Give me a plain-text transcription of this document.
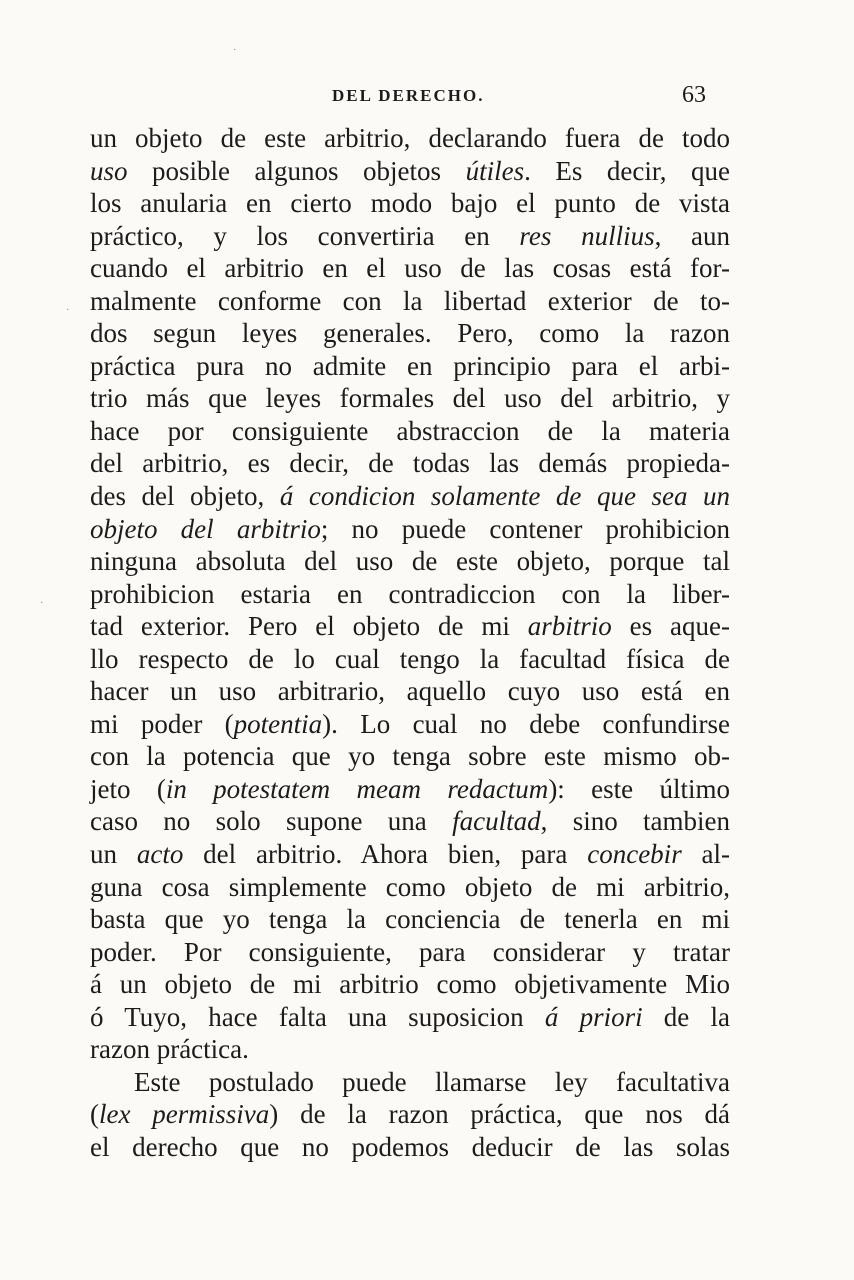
DEL DERECHO.	63
un objeto de este arbitrio, declarando fuera de todo
uso posible algunos objetos útiles. Es decir, que
los anularia en cierto modo bajo el punto de vista
práctico, y los convertiria en res nullius, aun
cuando el arbitrio en el uso de las cosas está for-
malmente conforme con la libertad exterior de to-
dos segun leyes generales. Pero, como la razon
práctica pura no admite en principio para el arbi-
trio más que leyes formales del uso del arbitrio, y
hace por consiguiente abstraccion de la materia
del arbitrio, es decir, de todas las demás propieda-
des del objeto, á condicion solamente de que sea un
objeto del arbitrio; no puede contener prohibicion
ninguna absoluta del uso de este objeto, porque tal
prohibicion estaria en contradiccion con la liber-
tad exterior. Pero el objeto de mi arbitrio es aque-
llo respecto de lo cual tengo la facultad física de
hacer un uso arbitrario, aquello cuyo uso está en
mi poder (potentia). Lo cual no debe confundirse
con la potencia que yo tenga sobre este mismo ob-
jeto (in potestatem meam redactum): este último
caso no solo supone una facultad, sino tambien
un acto del arbitrio. Ahora bien, para concebir al-
guna cosa simplemente como objeto de mi arbitrio,
basta que yo tenga la conciencia de tenerla en mi
poder. Por consiguiente, para considerar y tratar
á un objeto de mi arbitrio como objetivamente Mio
ó Tuyo, hace falta una suposicion á priori de la
razon práctica.
Este postulado puede llamarse ley facultativa
(lex permissiva) de la razon práctica, que nos dá
el derecho que no podemos deducir de las solas
·
·
·
